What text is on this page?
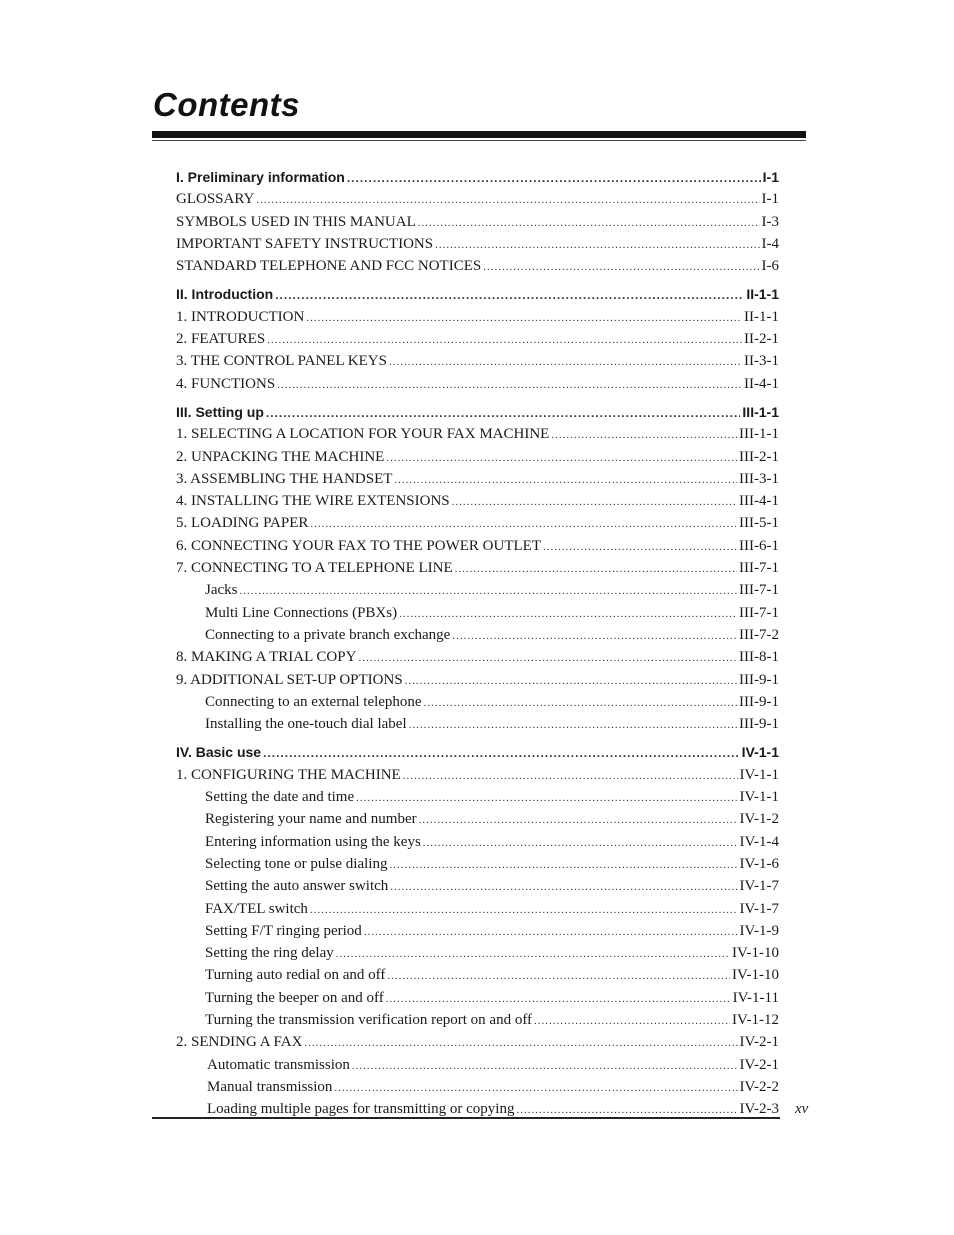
Contents
I. Preliminary information .....	I-1
GLOSSARY .....	I-1
SYMBOLS USED IN THIS MANUAL .....	I-3
IMPORTANT SAFETY INSTRUCTIONS .....	I-4
STANDARD TELEPHONE AND FCC NOTICES .....	I-6
II. Introduction .....	II-1-1
1. INTRODUCTION .....	II-1-1
2. FEATURES .....	II-2-1
3. THE CONTROL PANEL KEYS .....	II-3-1
4. FUNCTIONS .....	II-4-1
III. Setting up .....	III-1-1
1. SELECTING A LOCATION FOR YOUR FAX MACHINE .....	III-1-1
2. UNPACKING THE MACHINE .....	III-2-1
3. ASSEMBLING THE HANDSET .....	III-3-1
4. INSTALLING THE WIRE EXTENSIONS .....	III-4-1
5. LOADING PAPER .....	III-5-1
6. CONNECTING YOUR FAX TO THE POWER OUTLET .....	III-6-1
7. CONNECTING TO A TELEPHONE LINE .....	III-7-1
Jacks .....	III-7-1
Multi Line Connections (PBXs) .....	III-7-1
Connecting to a private branch exchange .....	III-7-2
8. MAKING A TRIAL COPY .....	III-8-1
9. ADDITIONAL SET-UP OPTIONS .....	III-9-1
Connecting to an external telephone .....	III-9-1
Installing the one-touch dial label .....	III-9-1
IV. Basic use .....	IV-1-1
1. CONFIGURING THE MACHINE .....	IV-1-1
Setting the date and time .....	IV-1-1
Registering your name and number .....	IV-1-2
Entering information using the keys .....	IV-1-4
Selecting tone or pulse dialing .....	IV-1-6
Setting the auto answer switch .....	IV-1-7
FAX/TEL switch .....	IV-1-7
Setting F/T ringing period .....	IV-1-9
Setting the ring delay .....	IV-1-10
Turning auto redial on and off .....	IV-1-10
Turning the beeper on and off .....	IV-1-11
Turning the transmission verification report on and off .....	IV-1-12
2. SENDING A FAX .....	IV-2-1
Automatic transmission .....	IV-2-1
Manual transmission .....	IV-2-2
Loading multiple pages for transmitting or copying .....	IV-2-3 xv
